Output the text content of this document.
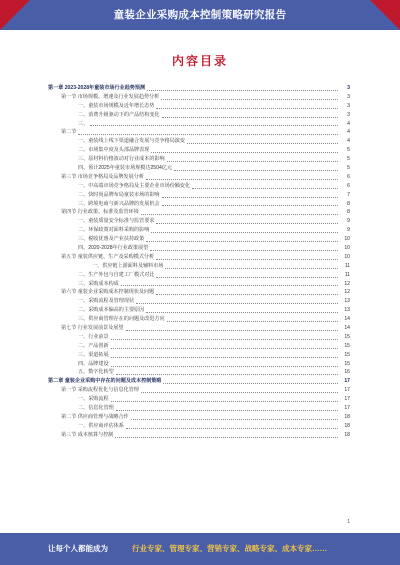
童装企业采购成本控制策略研究报告
内容目录
第一章 2023-2028年童装市场行业趋势预测	3
第一节 市场规模、增速及行业发展趋势分析	3
一、童装市场规模及近年增长态势	3
二、消费升级驱动下的产品结构变化	3
三、	4
第二节	4
一、童装线上线下渠道融合发展与竞争格局演变	4
二、市场集中度及头部品牌表现	5
三、原材料价格波动对行业成本的影响	5
四、预计2025年童装市场规模达2504亿元	5
第三节 市场竞争格局及品牌发展分析	6
一、中高端市场竞争格局及主要企业市场份额变化	6
二、快时尚品牌布局童装市场的影响	7
三、跨境电商与新兴品牌的发展机会	8
第四节 行业政策、标准及监管环境	8
一、童装质量安全标准与监管要求	9
二、环保政策对面料采购的影响	9
三、税收优惠及产业扶持政策	10
四、2020-2028年行业政策展望	10
第五节 童装供应链、生产及采购模式分析	10
一、供应链上游面料及辅料市场	11
二、生产外包与自建工厂模式对比	11
三、采购成本构成	12
第六节 童装企业采购成本控制现状及问题	12
一、采购流程及管理现状	13
二、采购成本偏高的主要原因	13
三、供应商管理存在的问题及改进方向	14
第七节 行业发展前景及展望	14
一、行业前景	15
二、产品创新	15
三、渠道拓展	15
四、品牌建设	15
五、数字化转型	16
第二章 童装企业采购中存在的问题及成本控制策略	17
第一节 采购流程优化与信息化管理	17
一、采购流程	17
二、信息化管理	17
第二节 供应商管理与战略合作	18
一、供应商评估体系	18
第三节 成本核算与控制	18
让每个人都能成为	行业专家、管理专家、营销专家、战略专家、成本专家……
1
